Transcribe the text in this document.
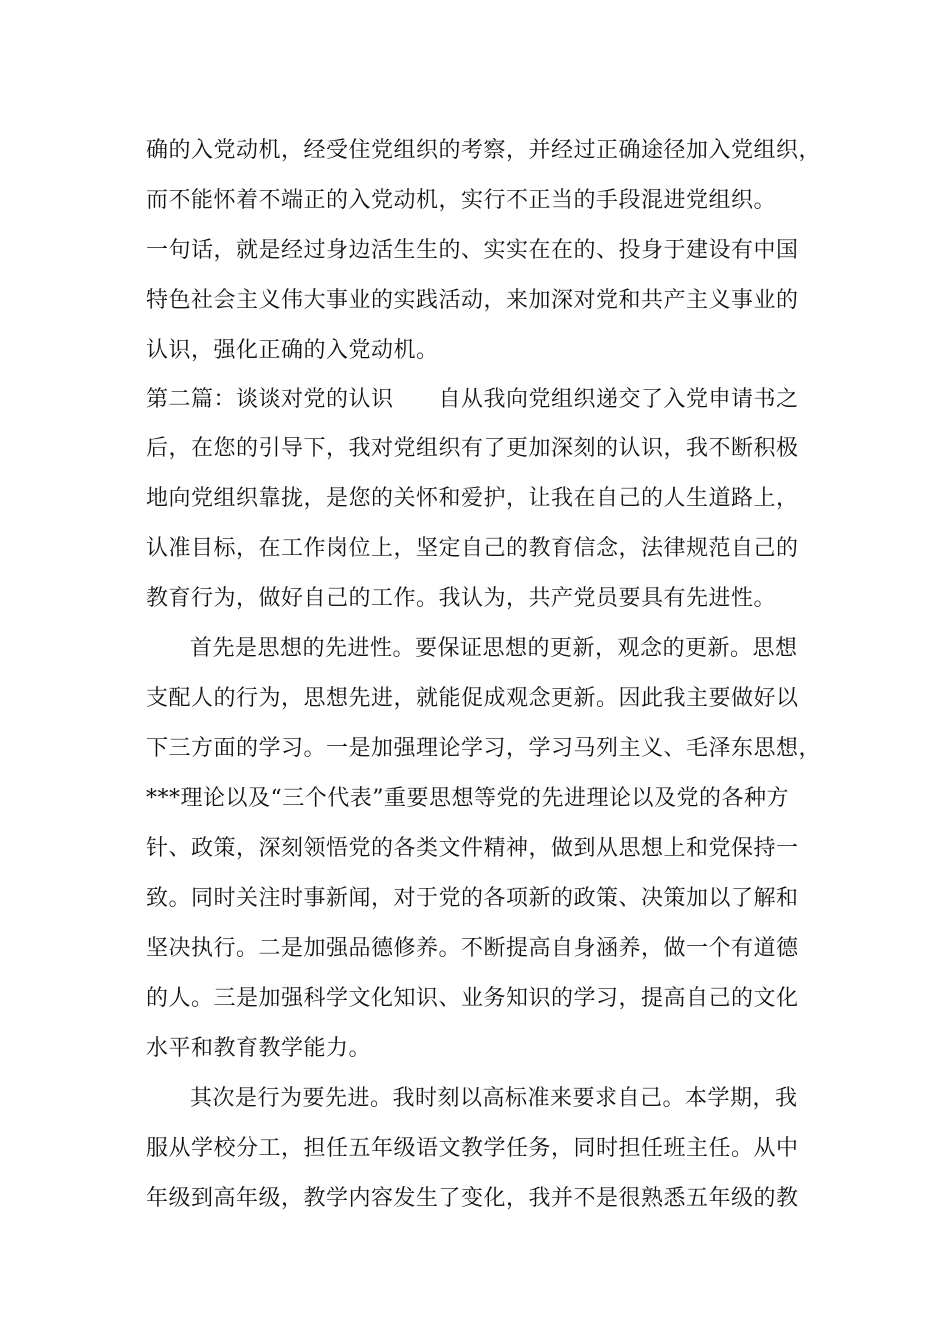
确的入党动机，经受住党组织的考察，并经过正确途径加入党组织，
而不能怀着不端正的入党动机，实行不正当的手段混进党组织。
一句话，就是经过身边活生生的、实实在在的、投身于建设有中国
特色社会主义伟大事业的实践活动，来加深对党和共产主义事业的
认识，强化正确的入党动机。
第二篇：谈谈对党的认识　　自从我向党组织递交了入党申请书之
后，在您的引导下，我对党组织有了更加深刻的认识，我不断积极
地向党组织靠拢，是您的关怀和爱护，让我在自己的人生道路上，
认准目标，在工作岗位上，坚定自己的教育信念，法律规范自己的
教育行为，做好自己的工作。我认为，共产党员要具有先进性。
首先是思想的先进性。要保证思想的更新，观念的更新。思想
支配人的行为，思想先进，就能促成观念更新。因此我主要做好以
下三方面的学习。一是加强理论学习，学习马列主义、毛泽东思想，
***理论以及“三个代表”重要思想等党的先进理论以及党的各种方
针、政策，深刻领悟党的各类文件精神，做到从思想上和党保持一
致。同时关注时事新闻，对于党的各项新的政策、决策加以了解和
坚决执行。二是加强品德修养。不断提高自身涵养，做一个有道德
的人。三是加强科学文化知识、业务知识的学习，提高自己的文化
水平和教育教学能力。
其次是行为要先进。我时刻以高标准来要求自己。本学期，我
服从学校分工，担任五年级语文教学任务，同时担任班主任。从中
年级到高年级，教学内容发生了变化，我并不是很熟悉五年级的教
